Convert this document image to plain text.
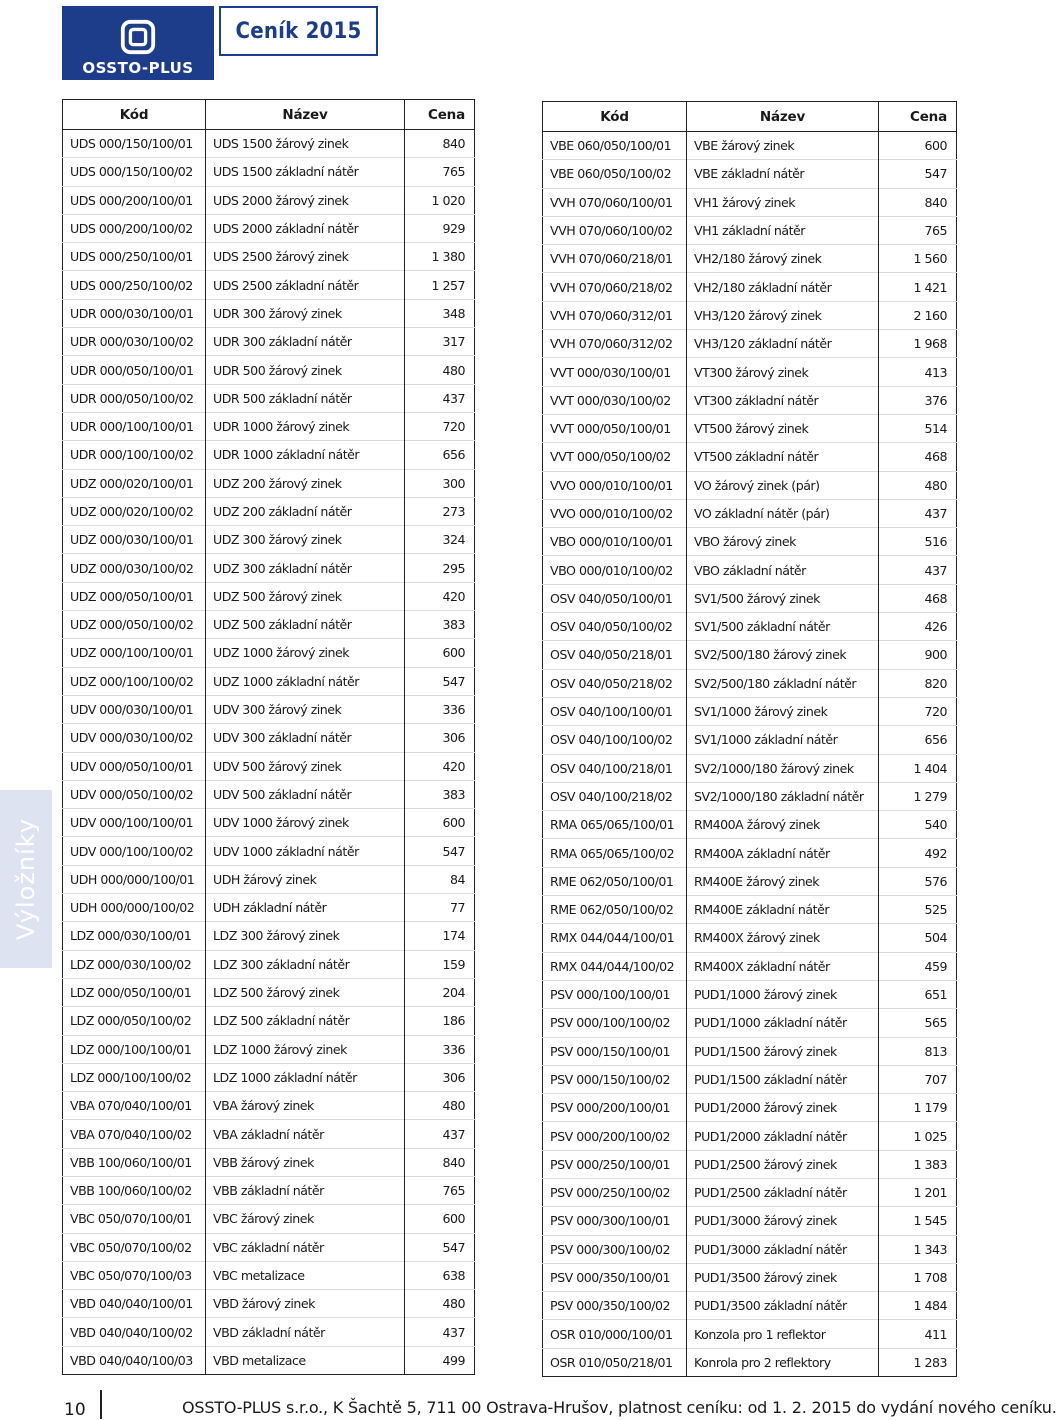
OSSTO-PLUS
Ceník 2015
Kód	Název	Cena
UDS 000/150/100/01	UDS 1500 žárový zinek	840
UDS 000/150/100/02	UDS 1500 základní nátěr	765
UDS 000/200/100/01	UDS 2000 žárový zinek	1 020
UDS 000/200/100/02	UDS 2000 základní nátěr	929
UDS 000/250/100/01	UDS 2500 žárový zinek	1 380
UDS 000/250/100/02	UDS 2500 základní nátěr	1 257
UDR 000/030/100/01	UDR 300 žárový zinek	348
UDR 000/030/100/02	UDR 300 základní nátěr	317
UDR 000/050/100/01	UDR 500 žárový zinek	480
UDR 000/050/100/02	UDR 500 základní nátěr	437
UDR 000/100/100/01	UDR 1000 žárový zinek	720
UDR 000/100/100/02	UDR 1000 základní nátěr	656
UDZ 000/020/100/01	UDZ 200 žárový zinek	300
UDZ 000/020/100/02	UDZ 200 základní nátěr	273
UDZ 000/030/100/01	UDZ 300 žárový zinek	324
UDZ 000/030/100/02	UDZ 300 základní nátěr	295
UDZ 000/050/100/01	UDZ 500 žárový zinek	420
UDZ 000/050/100/02	UDZ 500 základní nátěr	383
UDZ 000/100/100/01	UDZ 1000 žárový zinek	600
UDZ 000/100/100/02	UDZ 1000 základní nátěr	547
UDV 000/030/100/01	UDV 300 žárový zinek	336
UDV 000/030/100/02	UDV 300 základní nátěr	306
UDV 000/050/100/01	UDV 500 žárový zinek	420
UDV 000/050/100/02	UDV 500 základní nátěr	383
UDV 000/100/100/01	UDV 1000 žárový zinek	600
UDV 000/100/100/02	UDV 1000 základní nátěr	547
UDH 000/000/100/01	UDH žárový zinek	84
UDH 000/000/100/02	UDH základní nátěr	77
LDZ 000/030/100/01	LDZ 300 žárový zinek	174
LDZ 000/030/100/02	LDZ 300 základní nátěr	159
LDZ 000/050/100/01	LDZ 500 žárový zinek	204
LDZ 000/050/100/02	LDZ 500 základní nátěr	186
LDZ 000/100/100/01	LDZ 1000 žárový zinek	336
LDZ 000/100/100/02	LDZ 1000 základní nátěr	306
VBA 070/040/100/01	VBA žárový zinek	480
VBA 070/040/100/02	VBA základní nátěr	437
VBB 100/060/100/01	VBB žárový zinek	840
VBB 100/060/100/02	VBB základní nátěr	765
VBC 050/070/100/01	VBC žárový zinek	600
VBC 050/070/100/02	VBC základní nátěr	547
VBC 050/070/100/03	VBC metalizace	638
VBD 040/040/100/01	VBD žárový zinek	480
VBD 040/040/100/02	VBD základní nátěr	437
VBD 040/040/100/03	VBD metalizace	499
Kód	Název	Cena
VBE 060/050/100/01	VBE žárový zinek	600
VBE 060/050/100/02	VBE základní nátěr	547
VVH 070/060/100/01	VH1 žárový zinek	840
VVH 070/060/100/02	VH1 základní nátěr	765
VVH 070/060/218/01	VH2/180 žárový zinek	1 560
VVH 070/060/218/02	VH2/180 základní nátěr	1 421
VVH 070/060/312/01	VH3/120 žárový zinek	2 160
VVH 070/060/312/02	VH3/120 základní nátěr	1 968
VVT 000/030/100/01	VT300 žárový zinek	413
VVT 000/030/100/02	VT300 základní nátěr	376
VVT 000/050/100/01	VT500 žárový zinek	514
VVT 000/050/100/02	VT500 základní nátěr	468
VVO 000/010/100/01	VO žárový zinek (pár)	480
VVO 000/010/100/02	VO základní nátěr (pár)	437
VBO 000/010/100/01	VBO žárový zinek	516
VBO 000/010/100/02	VBO základní nátěr	437
OSV 040/050/100/01	SV1/500 žárový zinek	468
OSV 040/050/100/02	SV1/500 základní nátěr	426
OSV 040/050/218/01	SV2/500/180 žárový zinek	900
OSV 040/050/218/02	SV2/500/180 základní nátěr	820
OSV 040/100/100/01	SV1/1000 žárový zinek	720
OSV 040/100/100/02	SV1/1000 základní nátěr	656
OSV 040/100/218/01	SV2/1000/180 žárový zinek	1 404
OSV 040/100/218/02	SV2/1000/180 základní nátěr	1 279
RMA 065/065/100/01	RM400A žárový zinek	540
RMA 065/065/100/02	RM400A základní nátěr	492
RME 062/050/100/01	RM400E žárový zinek	576
RME 062/050/100/02	RM400E základní nátěr	525
RMX 044/044/100/01	RM400X žárový zinek	504
RMX 044/044/100/02	RM400X základní nátěr	459
PSV 000/100/100/01	PUD1/1000 žárový zinek	651
PSV 000/100/100/02	PUD1/1000 základní nátěr	565
PSV 000/150/100/01	PUD1/1500 žárový zinek	813
PSV 000/150/100/02	PUD1/1500 základní nátěr	707
PSV 000/200/100/01	PUD1/2000 žárový zinek	1 179
PSV 000/200/100/02	PUD1/2000 základní nátěr	1 025
PSV 000/250/100/01	PUD1/2500 žárový zinek	1 383
PSV 000/250/100/02	PUD1/2500 základní nátěr	1 201
PSV 000/300/100/01	PUD1/3000 žárový zinek	1 545
PSV 000/300/100/02	PUD1/3000 základní nátěr	1 343
PSV 000/350/100/01	PUD1/3500 žárový zinek	1 708
PSV 000/350/100/02	PUD1/3500 základní nátěr	1 484
OSR 010/000/100/01	Konzola pro 1 reflektor	411
OSR 010/050/218/01	Konrola pro 2 reflektory	1 283
Výložníky
10	OSSTO-PLUS s.r.o., K Šachtě 5, 711 00 Ostrava-Hrušov, platnost ceníku: od 1. 2. 2015 do vydání nového ceníku.
